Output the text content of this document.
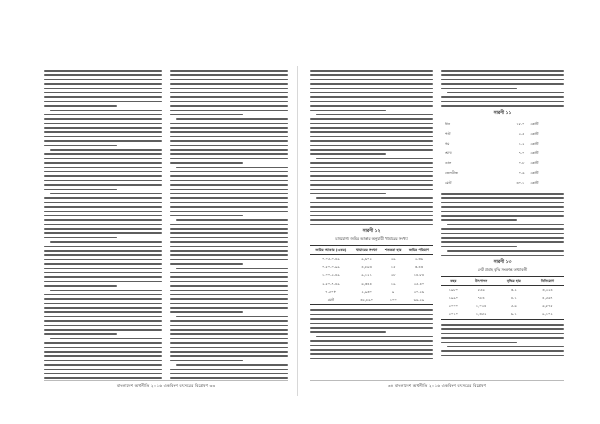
বাংলাদেশ অর্থনীতি ২০১৬ একবিংশ বৎসরের বিশ্লেষণ ৩৩
সারণী ১২
চাষযোগ্য জমির আকার অনুযায়ী খামারের সংখ্যা
জমির আকার (একর)	খামারের সংখ্যা	শতকরা হার	জমির পরিমাণ
০.০৫-০.৪৯	৯,৬০২	২৯	২.৩৬
০.৫০-০.৯৯	৪,৮৯৩	১৫	৩.৪৩
১.০০-২.৪৯	৯,১২১	২৮	১৪.৮৪
২.৫০-৭.৪৯	৬,৩৪৪	১৯	২৫.৪০
৭.৫০+	২,৯৩০	৯	২০.২৬
মোট	৩২,৮৯০	১০০	৬৬.২৯
সারণী ১১
ধান	১৮.০	কোটি
পাট	২.৫	কোটি
গম	১.২	কোটি
আখ	৭.০	কোটি
ডাল	০.৮	কোটি
তেলবীজ	০.৬	কোটি
মোট	৩০.১	কোটি
সারণী ১৩
নেট প্রবাহ বৃদ্ধি সংক্রান্ত তথ্যাবলী
বছর	উৎপাদন	বৃদ্ধির হার	বিনিয়োগ
১৯৮০	৫৫৬	৩.২	৩,২২৪
১৯৯০	৭৮৪	৪.১	৪,৫৬৭
২০০০	১,০২৪	৫.৬	৬,৮৭৫
২০১০	১,৩৫২	৬.১	৯,১০২
৩৪ বাংলাদেশ অর্থনীতি ২০১৬ একবিংশ বৎসরের বিশ্লেষণ
